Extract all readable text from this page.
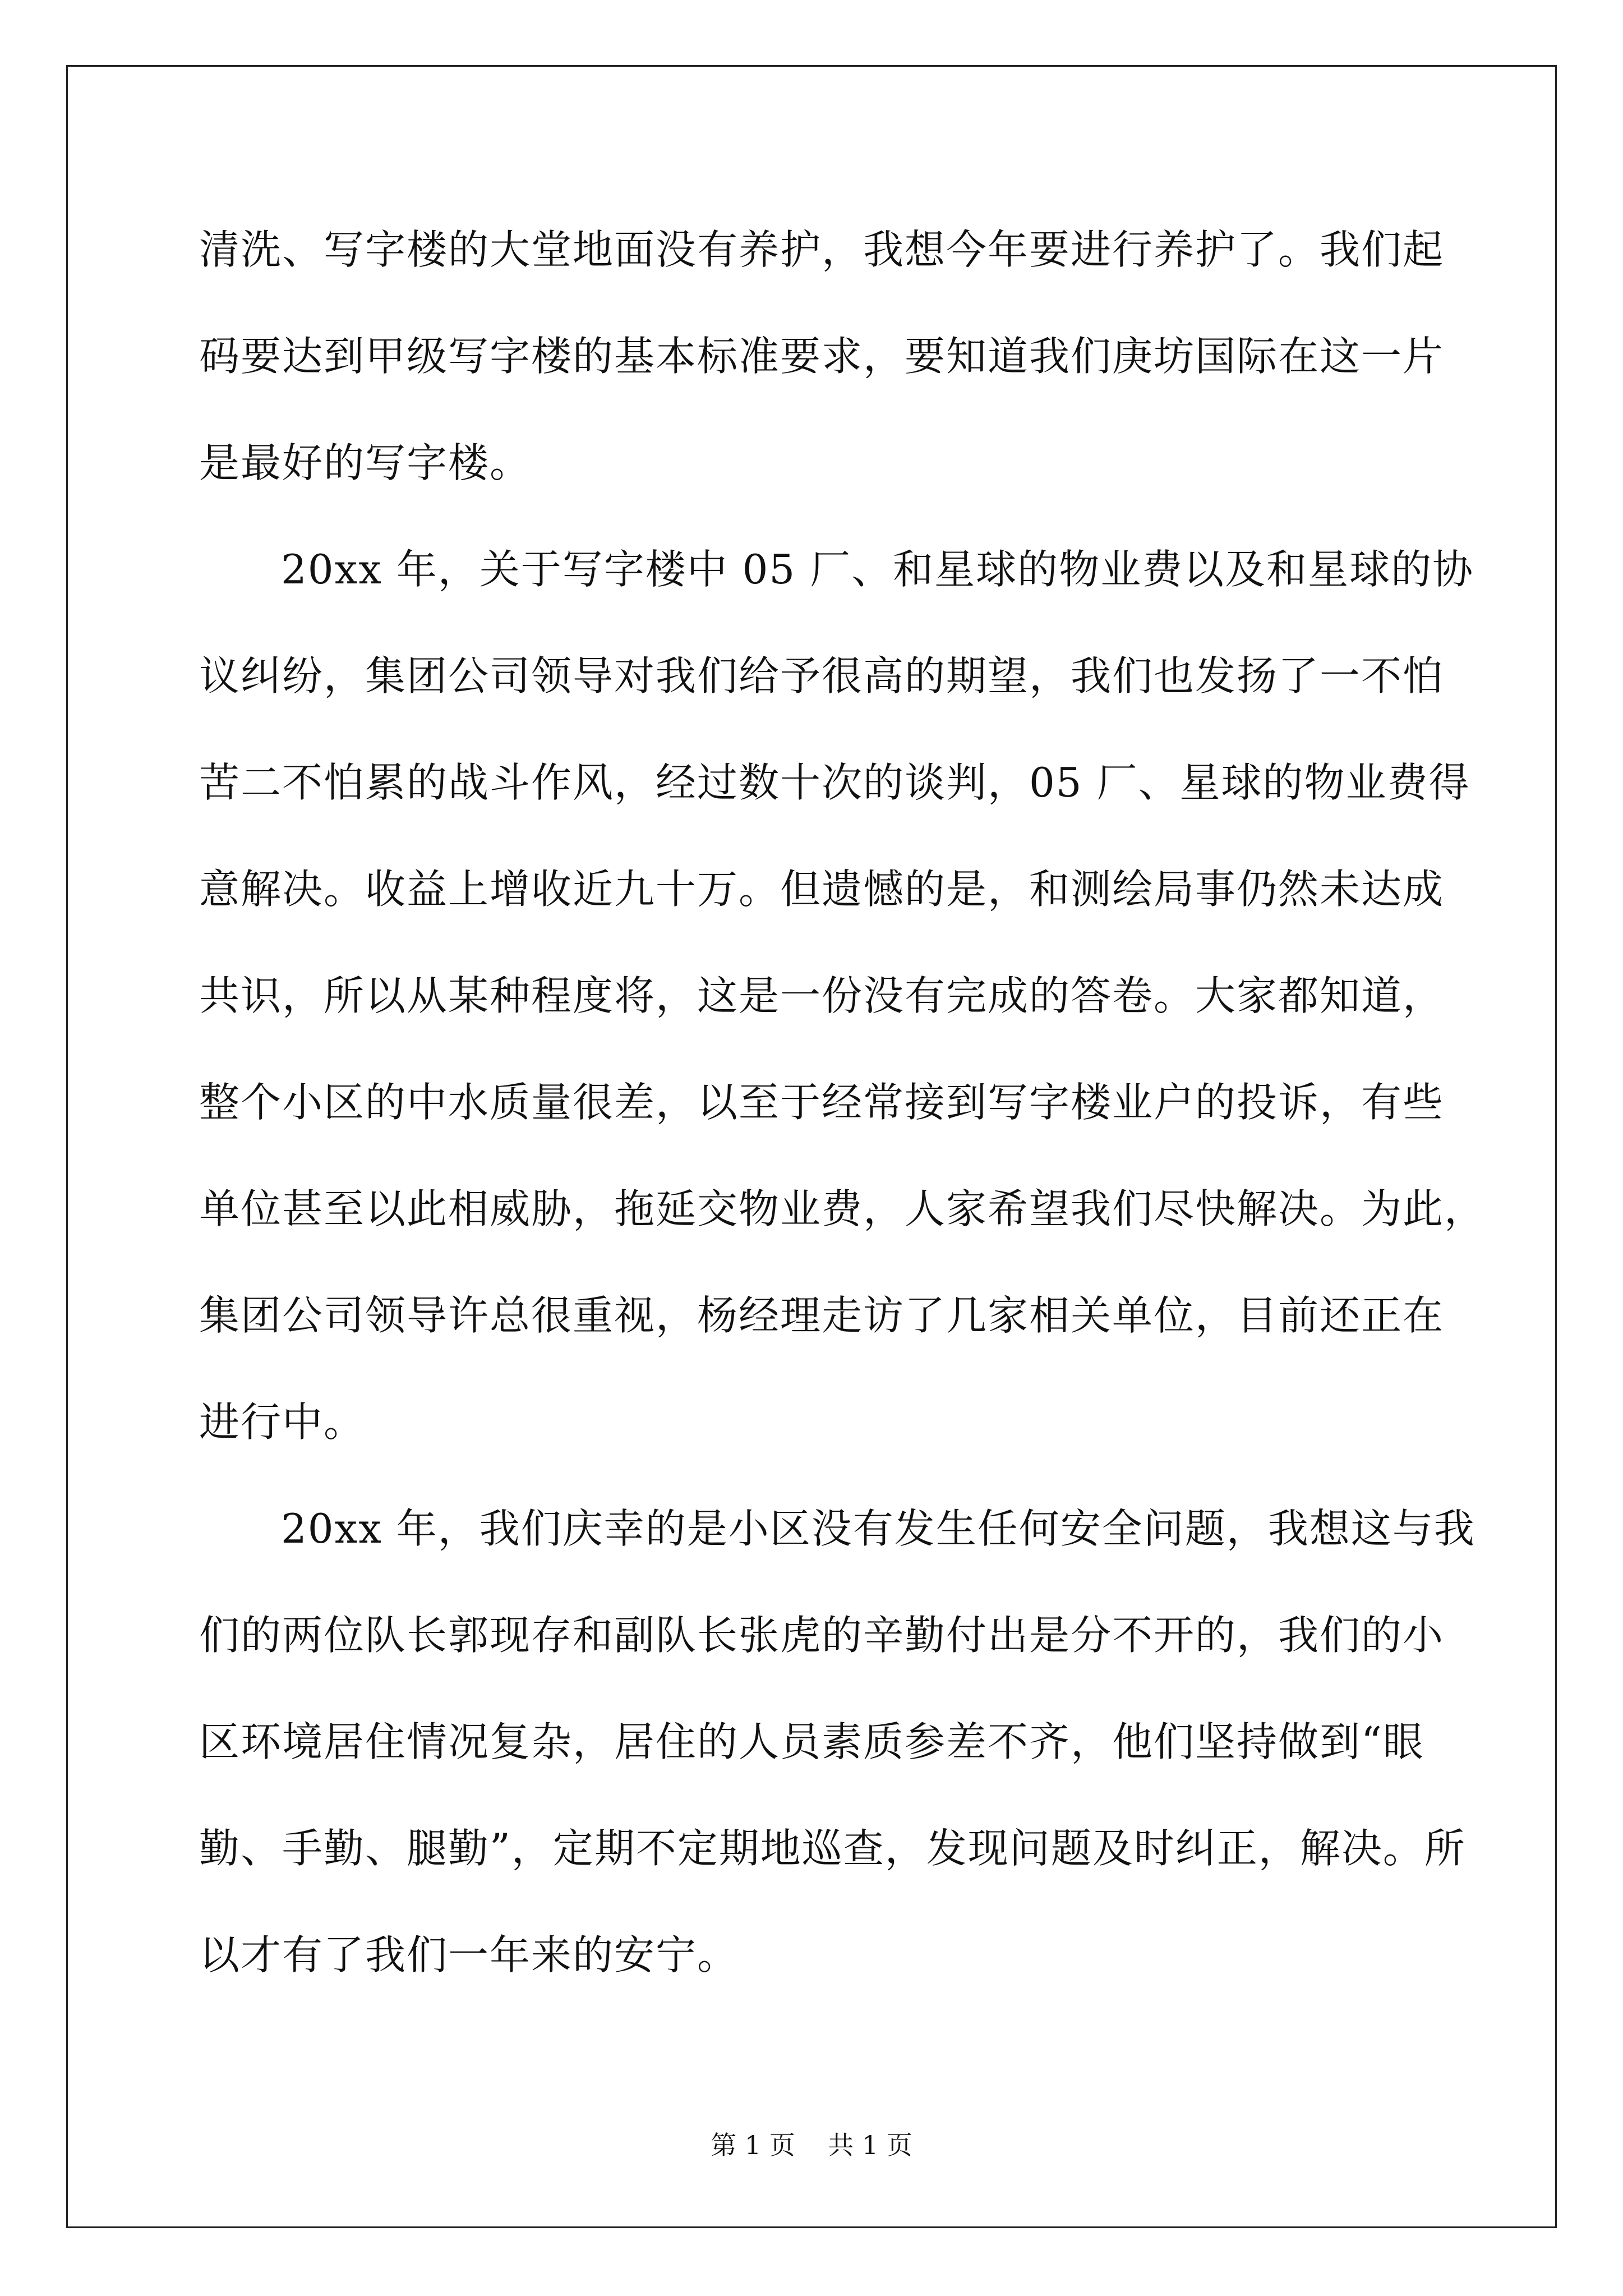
清洗、写字楼的大堂地面没有养护，我想今年要进行养护了。我们起
码要达到甲级写字楼的基本标准要求，要知道我们庚坊国际在这一片
是最好的写字楼。
20xx 年，关于写字楼中 05 厂、和星球的物业费以及和星球的协
议纠纷，集团公司领导对我们给予很高的期望，我们也发扬了一不怕
苦二不怕累的战斗作风，经过数十次的谈判，05 厂、星球的物业费得
意解决。收益上增收近九十万。但遗憾的是，和测绘局事仍然未达成
共识，所以从某种程度将，这是一份没有完成的答卷。大家都知道，
整个小区的中水质量很差，以至于经常接到写字楼业户的投诉，有些
单位甚至以此相威胁，拖延交物业费，人家希望我们尽快解决。为此，
集团公司领导许总很重视，杨经理走访了几家相关单位，目前还正在
进行中。
20xx 年，我们庆幸的是小区没有发生任何安全问题，我想这与我
们的两位队长郭现存和副队长张虎的辛勤付出是分不开的，我们的小
区环境居住情况复杂，居住的人员素质参差不齐，他们坚持做到“眼
勤、手勤、腿勤”，定期不定期地巡查，发现问题及时纠正，解决。所
以才有了我们一年来的安宁。
第 1 页    共 1 页
